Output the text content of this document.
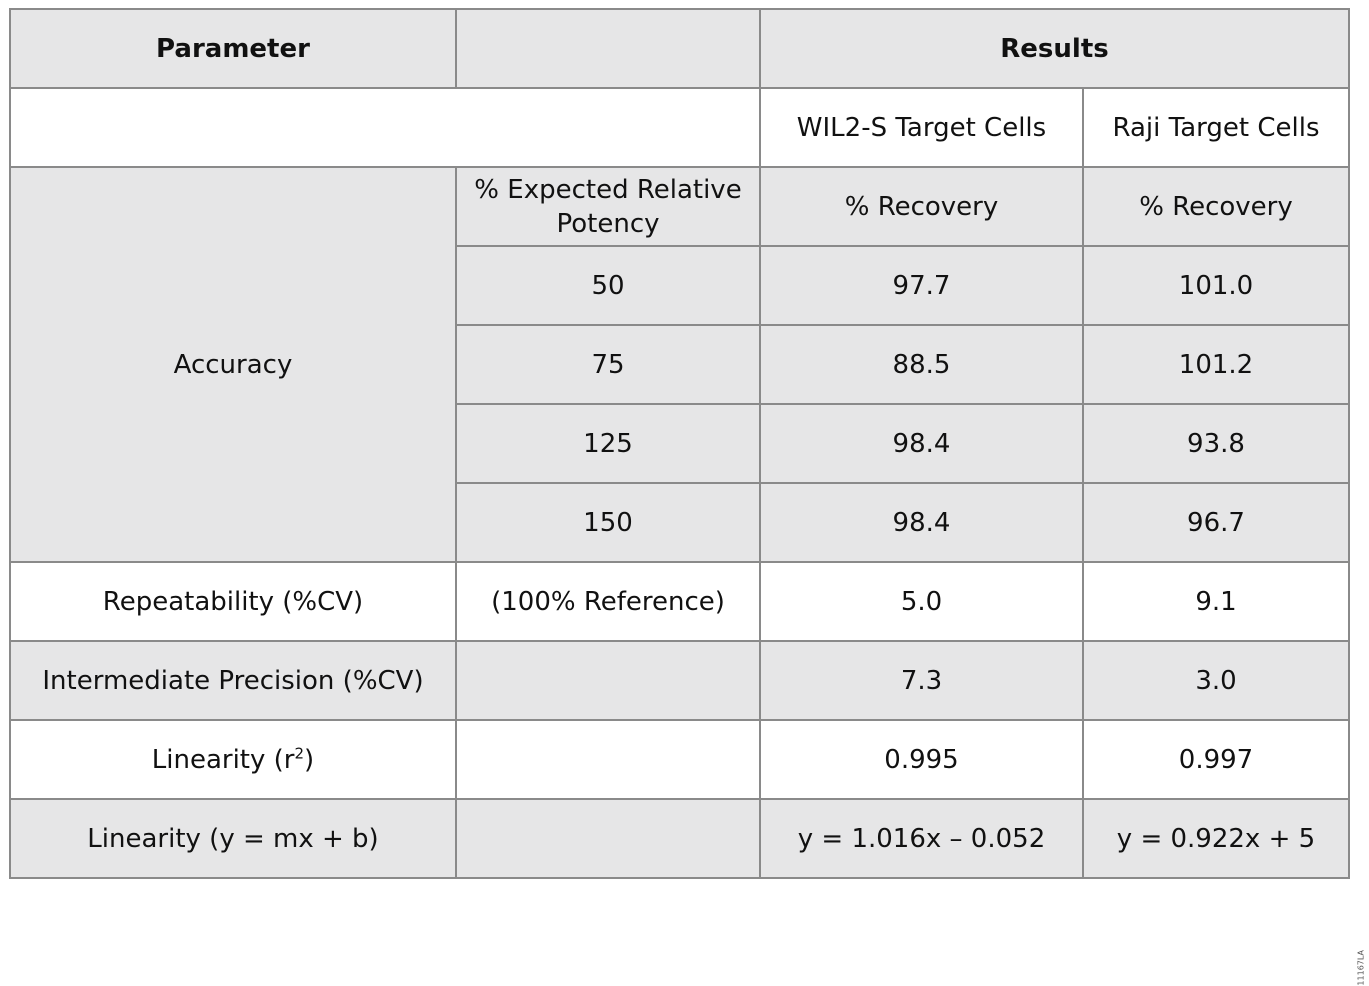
Parameter		Results	
		WIL2-S Target Cells	Raji Target Cells
Accuracy	% Expected Relative Potency	% Recovery	% Recovery
	50	97.7	101.0
	75	88.5	101.2
	125	98.4	93.8
	150	98.4	96.7
Repeatability (%CV)	(100% Reference)	5.0	9.1
Intermediate Precision (%CV)		7.3	3.0
Linearity $(r^2)$		0.995	0.997
Linearity (y = mx + b)		y = 1.016x – 0.052	y = 0.922x + 5
11167LA
